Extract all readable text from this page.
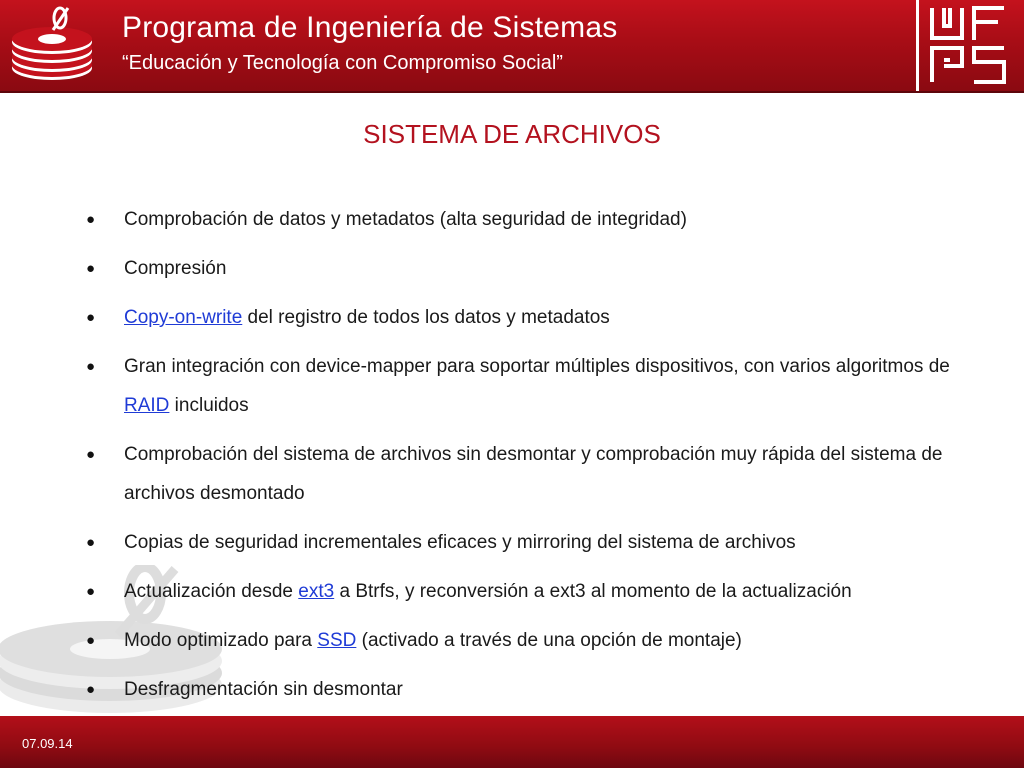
Programa de Ingeniería de Sistemas
“Educación y Tecnología con Compromiso Social”
SISTEMA DE ARCHIVOS
● Comprobación de datos y metadatos (alta seguridad de integridad)
● Compresión
● Copy-on-write del registro de todos los datos y metadatos
● Gran integración con device-mapper para soportar múltiples dispositivos, con varios algoritmos de RAID incluidos
● Comprobación del sistema de archivos sin desmontar y comprobación muy rápida del sistema de archivos desmontado
● Copias de seguridad incrementales eficaces y mirroring del sistema de archivos
● Actualización desde ext3 a Btrfs, y reconversión a ext3 al momento de la actualización
● Modo optimizado para SSD (activado a través de una opción de montaje)
● Desfragmentación sin desmontar
07.09.14
